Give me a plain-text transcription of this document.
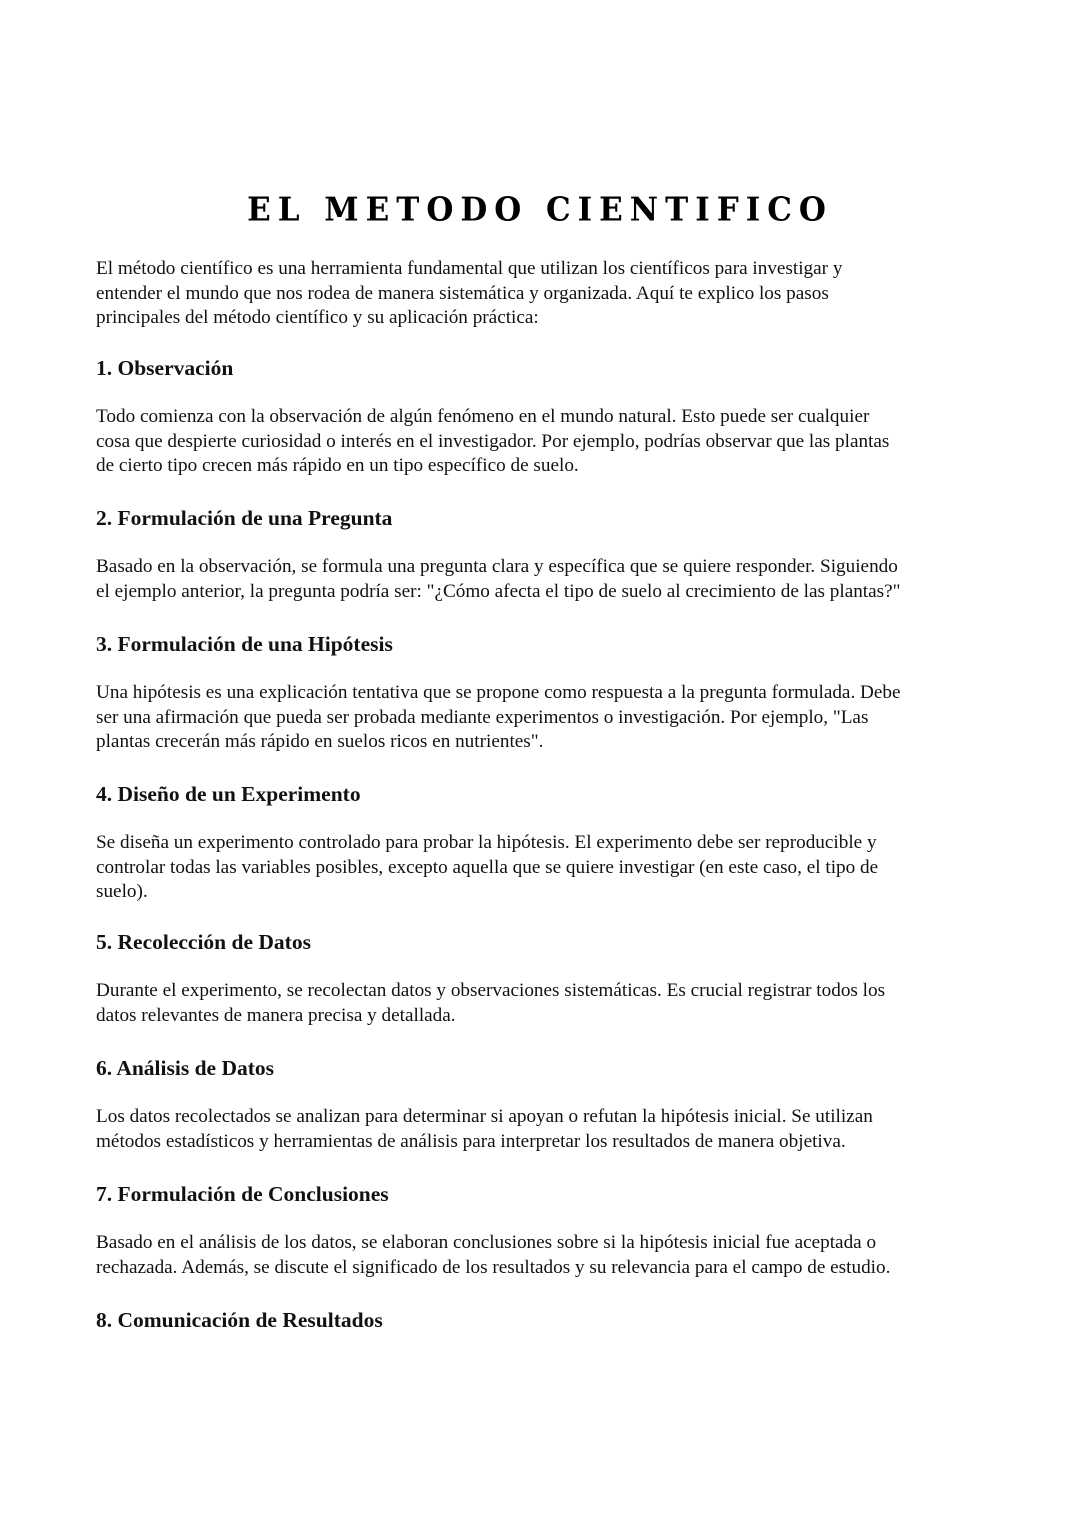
EL METODO CIENTIFICO
El método científico es una herramienta fundamental que utilizan los científicos para investigar y
entender el mundo que nos rodea de manera sistemática y organizada. Aquí te explico los pasos
principales del método científico y su aplicación práctica:
1. Observación
Todo comienza con la observación de algún fenómeno en el mundo natural. Esto puede ser cualquier
cosa que despierte curiosidad o interés en el investigador. Por ejemplo, podrías observar que las plantas
de cierto tipo crecen más rápido en un tipo específico de suelo.
2. Formulación de una Pregunta
Basado en la observación, se formula una pregunta clara y específica que se quiere responder. Siguiendo
el ejemplo anterior, la pregunta podría ser: "¿Cómo afecta el tipo de suelo al crecimiento de las plantas?"
3. Formulación de una Hipótesis
Una hipótesis es una explicación tentativa que se propone como respuesta a la pregunta formulada. Debe
ser una afirmación que pueda ser probada mediante experimentos o investigación. Por ejemplo, "Las
plantas crecerán más rápido en suelos ricos en nutrientes".
4. Diseño de un Experimento
Se diseña un experimento controlado para probar la hipótesis. El experimento debe ser reproducible y
controlar todas las variables posibles, excepto aquella que se quiere investigar (en este caso, el tipo de
suelo).
5. Recolección de Datos
Durante el experimento, se recolectan datos y observaciones sistemáticas. Es crucial registrar todos los
datos relevantes de manera precisa y detallada.
6. Análisis de Datos
Los datos recolectados se analizan para determinar si apoyan o refutan la hipótesis inicial. Se utilizan
métodos estadísticos y herramientas de análisis para interpretar los resultados de manera objetiva.
7. Formulación de Conclusiones
Basado en el análisis de los datos, se elaboran conclusiones sobre si la hipótesis inicial fue aceptada o
rechazada. Además, se discute el significado de los resultados y su relevancia para el campo de estudio.
8. Comunicación de Resultados
